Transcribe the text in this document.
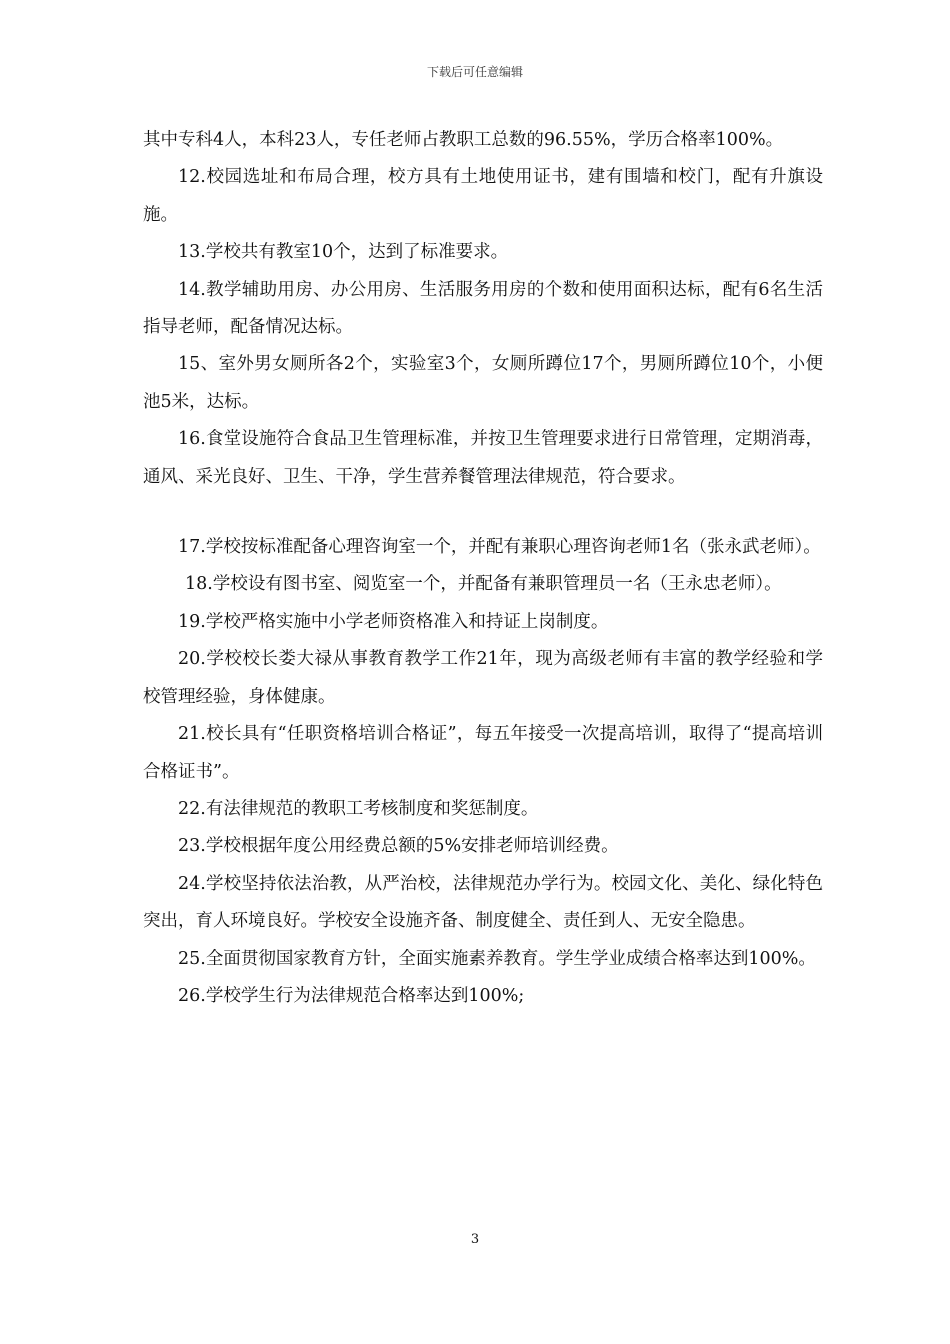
下载后可任意编辑

其中专科4人，本科23人，专任老师占教职工总数的96.55%，学历合格率100%。

12.校园选址和布局合理，校方具有土地使用证书，建有围墙和校门，配有升旗设施。

13.学校共有教室10个，达到了标准要求。

14.教学辅助用房、办公用房、生活服务用房的个数和使用面积达标，配有6名生活指导老师，配备情况达标。

15、室外男女厕所各2个，实验室3个，女厕所蹲位17个，男厕所蹲位10个，小便池5米，达标。

16.食堂设施符合食品卫生管理标准，并按卫生管理要求进行日常管理，定期消毒，通风、采光良好、卫生、干净，学生营养餐管理法律规范，符合要求。

17.学校按标准配备心理咨询室一个，并配有兼职心理咨询老师1名（张永武老师）。

18.学校设有图书室、阅览室一个，并配备有兼职管理员一名（王永忠老师）。

19.学校严格实施中小学老师资格准入和持证上岗制度。

20.学校校长娄大禄从事教育教学工作21年，现为高级老师有丰富的教学经验和学校管理经验，身体健康。

21.校长具有“任职资格培训合格证”，每五年接受一次提高培训，取得了“提高培训合格证书”。

22.有法律规范的教职工考核制度和奖惩制度。

23.学校根据年度公用经费总额的5%安排老师培训经费。

24.学校坚持依法治教，从严治校，法律规范办学行为。校园文化、美化、绿化特色突出，育人环境良好。学校安全设施齐备、制度健全、责任到人、无安全隐患。

25.全面贯彻国家教育方针，全面实施素养教育。学生学业成绩合格率达到100%。

26.学校学生行为法律规范合格率达到100%;

3
